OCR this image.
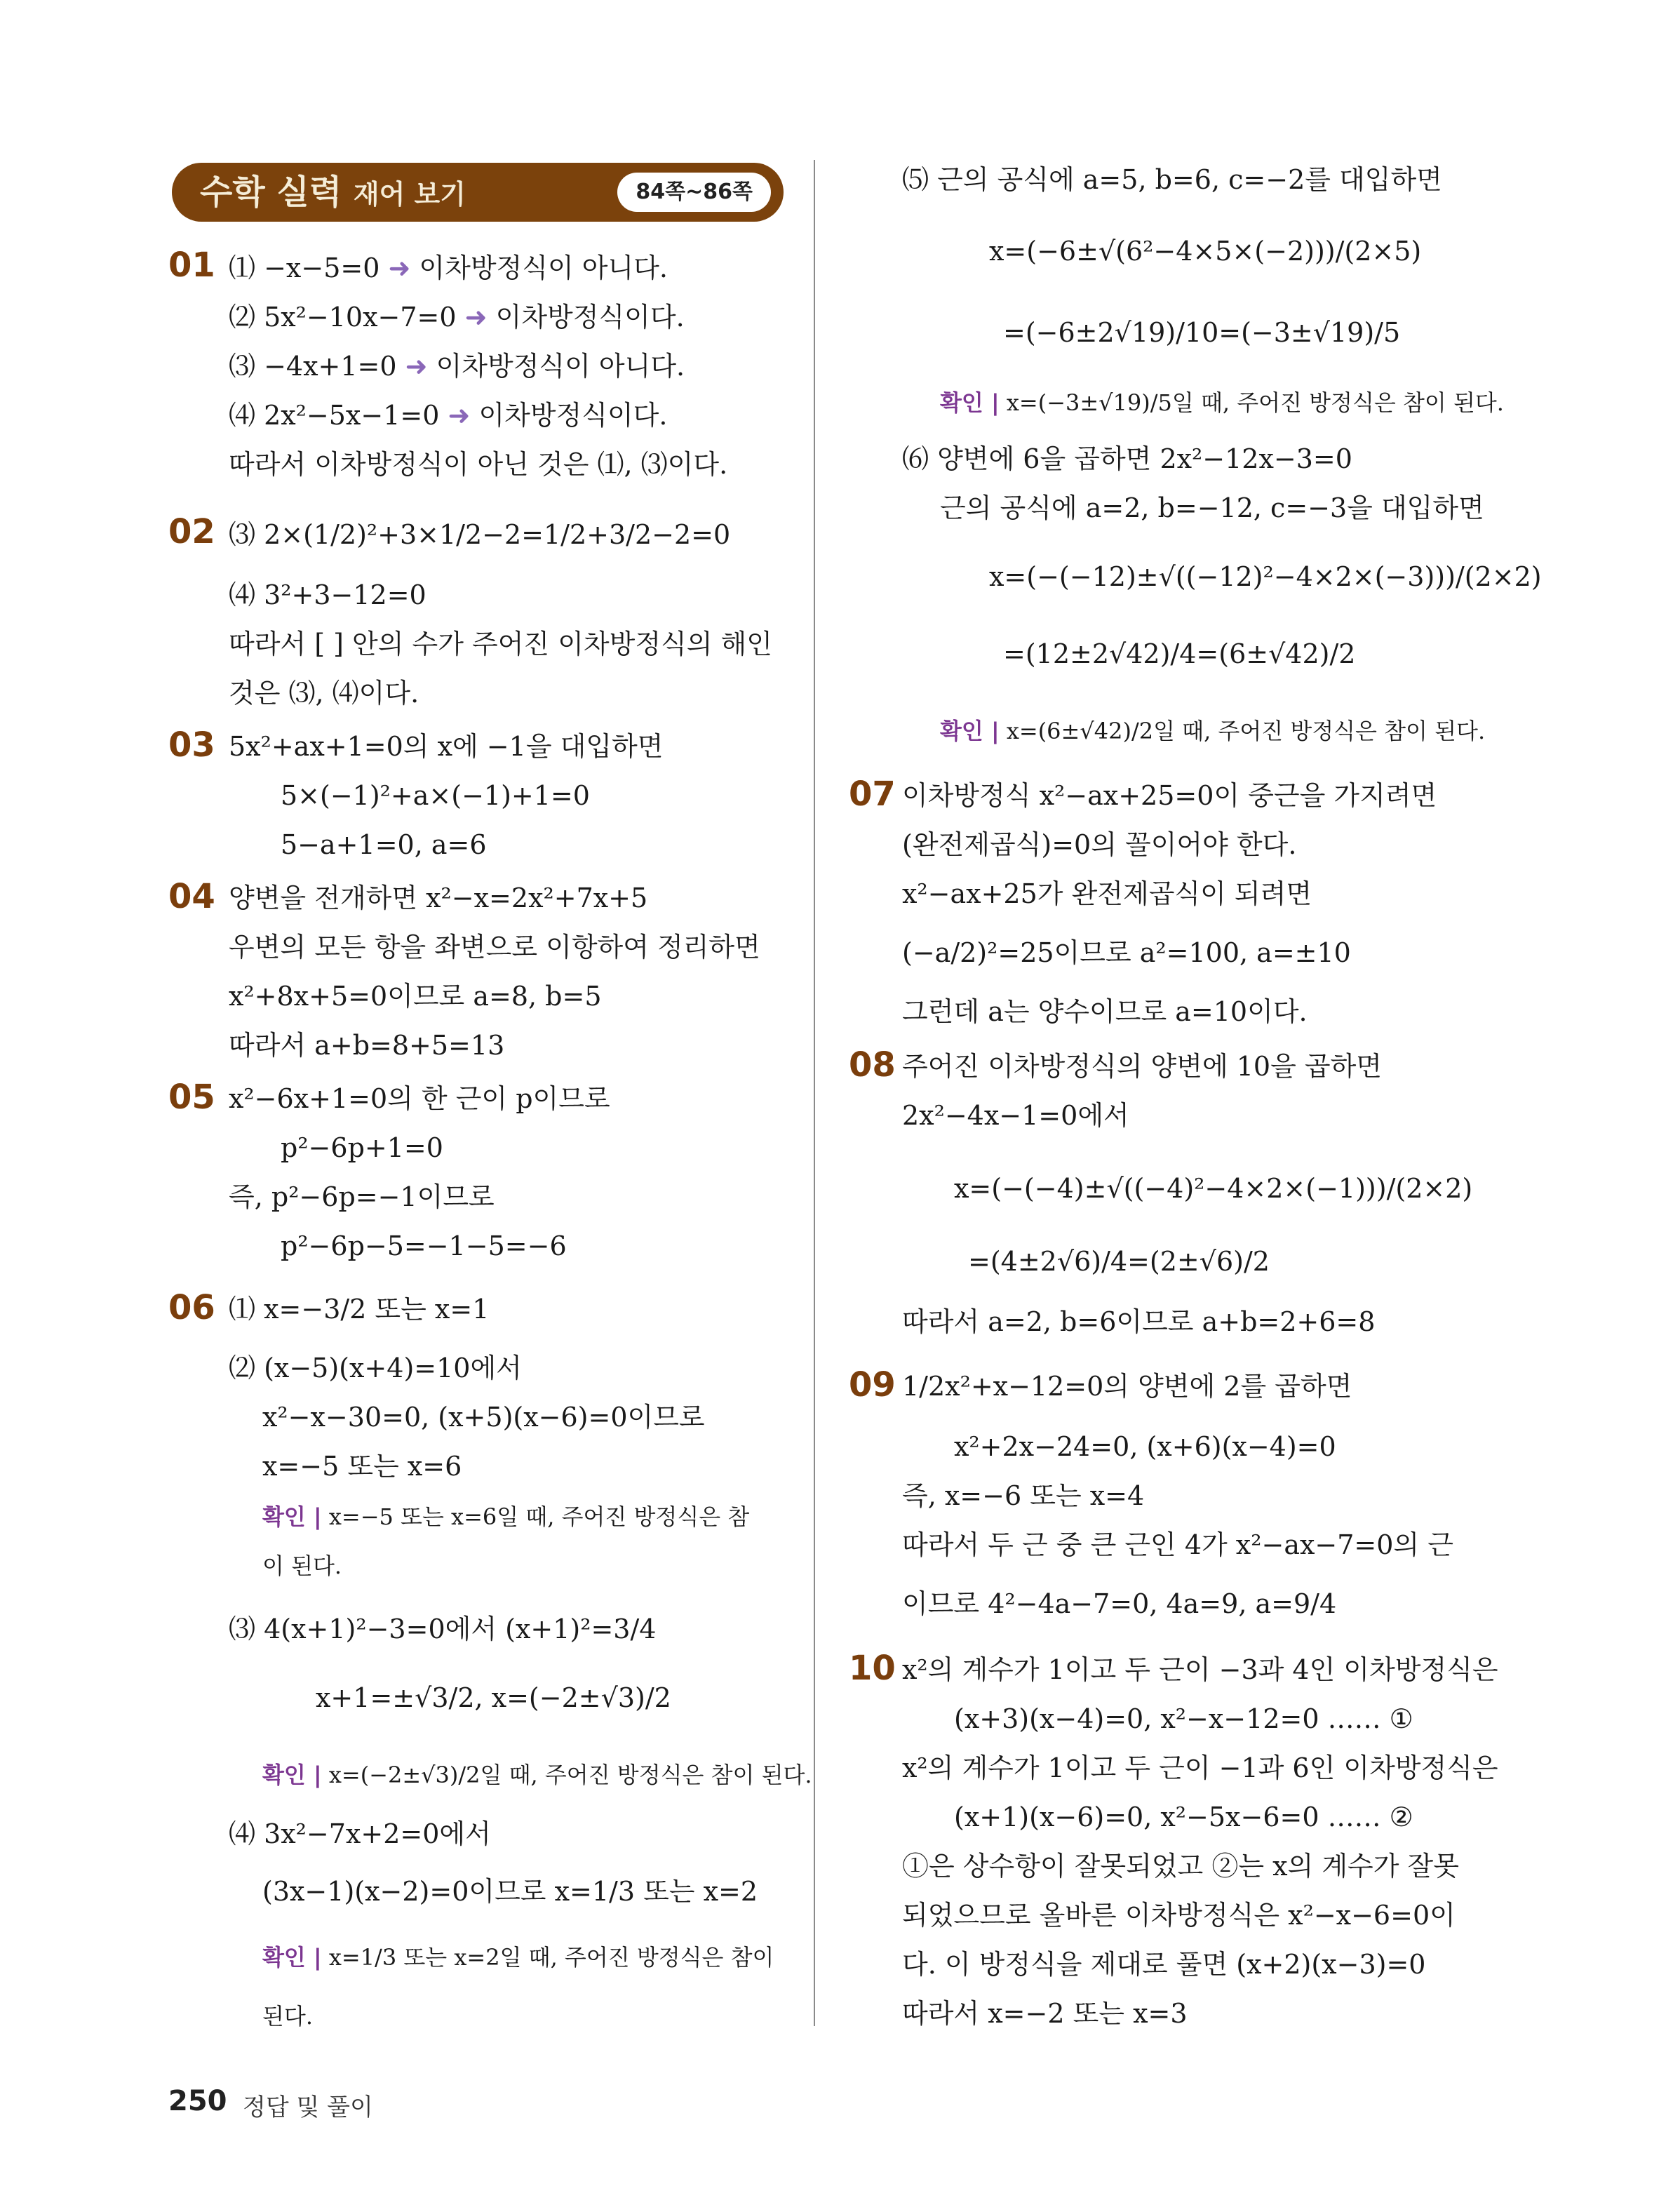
수학 실력 재어 보기	84쪽~86쪽
01 ⑴ −x−5=0 ➜ 이차방정식이 아니다.
⑵ 5x²−10x−7=0 ➜ 이차방정식이다.
⑶ −4x+1=0 ➜ 이차방정식이 아니다.
⑷ 2x²−5x−1=0 ➜ 이차방정식이다.
따라서 이차방정식이 아닌 것은 ⑴, ⑶이다.
02 ⑶ 2×(1/2)²+3×1/2−2=1/2+3/2−2=0
⑷ 3²+3−12=0
따라서 [ ] 안의 수가 주어진 이차방정식의 해인
것은 ⑶, ⑷이다.
03 5x²+ax+1=0의 x에 −1을 대입하면
5×(−1)²+a×(−1)+1=0
5−a+1=0, a=6
04 양변을 전개하면 x²−x=2x²+7x+5
우변의 모든 항을 좌변으로 이항하여 정리하면
x²+8x+5=0이므로 a=8, b=5
따라서 a+b=8+5=13
05 x²−6x+1=0의 한 근이 p이므로
p²−6p+1=0
즉, p²−6p=−1이므로
p²−6p−5=−1−5=−6
06 ⑴ x=−3/2 또는 x=1
⑵ (x−5)(x+4)=10에서
x²−x−30=0, (x+5)(x−6)=0이므로
x=−5 또는 x=6
확인 | x=−5 또는 x=6일 때, 주어진 방정식은 참
이 된다.
⑶ 4(x+1)²−3=0에서 (x+1)²=3/4
x+1=±√3/2, x=(−2±√3)/2
확인 | x=(−2±√3)/2일 때, 주어진 방정식은 참이 된다.
⑷ 3x²−7x+2=0에서
(3x−1)(x−2)=0이므로 x=1/3 또는 x=2
확인 | x=1/3 또는 x=2일 때, 주어진 방정식은 참이
된다.
⑸ 근의 공식에 a=5, b=6, c=−2를 대입하면
x=(−6±√(6²−4×5×(−2)))/(2×5)
=(−6±2√19)/10=(−3±√19)/5
확인 | x=(−3±√19)/5일 때, 주어진 방정식은 참이 된다.
⑹ 양변에 6을 곱하면 2x²−12x−3=0
근의 공식에 a=2, b=−12, c=−3을 대입하면
x=(−(−12)±√((−12)²−4×2×(−3)))/(2×2)
=(12±2√42)/4=(6±√42)/2
확인 | x=(6±√42)/2일 때, 주어진 방정식은 참이 된다.
07 이차방정식 x²−ax+25=0이 중근을 가지려면
(완전제곱식)=0의 꼴이어야 한다.
x²−ax+25가 완전제곱식이 되려면
(−a/2)²=25이므로 a²=100, a=±10
그런데 a는 양수이므로 a=10이다.
08 주어진 이차방정식의 양변에 10을 곱하면
2x²−4x−1=0에서
x=(−(−4)±√((−4)²−4×2×(−1)))/(2×2)
=(4±2√6)/4=(2±√6)/2
따라서 a=2, b=6이므로 a+b=2+6=8
09 1/2x²+x−12=0의 양변에 2를 곱하면
x²+2x−24=0, (x+6)(x−4)=0
즉, x=−6 또는 x=4
따라서 두 근 중 큰 근인 4가 x²−ax−7=0의 근
이므로 4²−4a−7=0, 4a=9, a=9/4
10 x²의 계수가 1이고 두 근이 −3과 4인 이차방정식은
(x+3)(x−4)=0, x²−x−12=0 …… ①
x²의 계수가 1이고 두 근이 −1과 6인 이차방정식은
(x+1)(x−6)=0, x²−5x−6=0 …… ②
①은 상수항이 잘못되었고 ②는 x의 계수가 잘못
되었으므로 올바른 이차방정식은 x²−x−6=0이
다. 이 방정식을 제대로 풀면 (x+2)(x−3)=0
따라서 x=−2 또는 x=3
250 정답 및 풀이
